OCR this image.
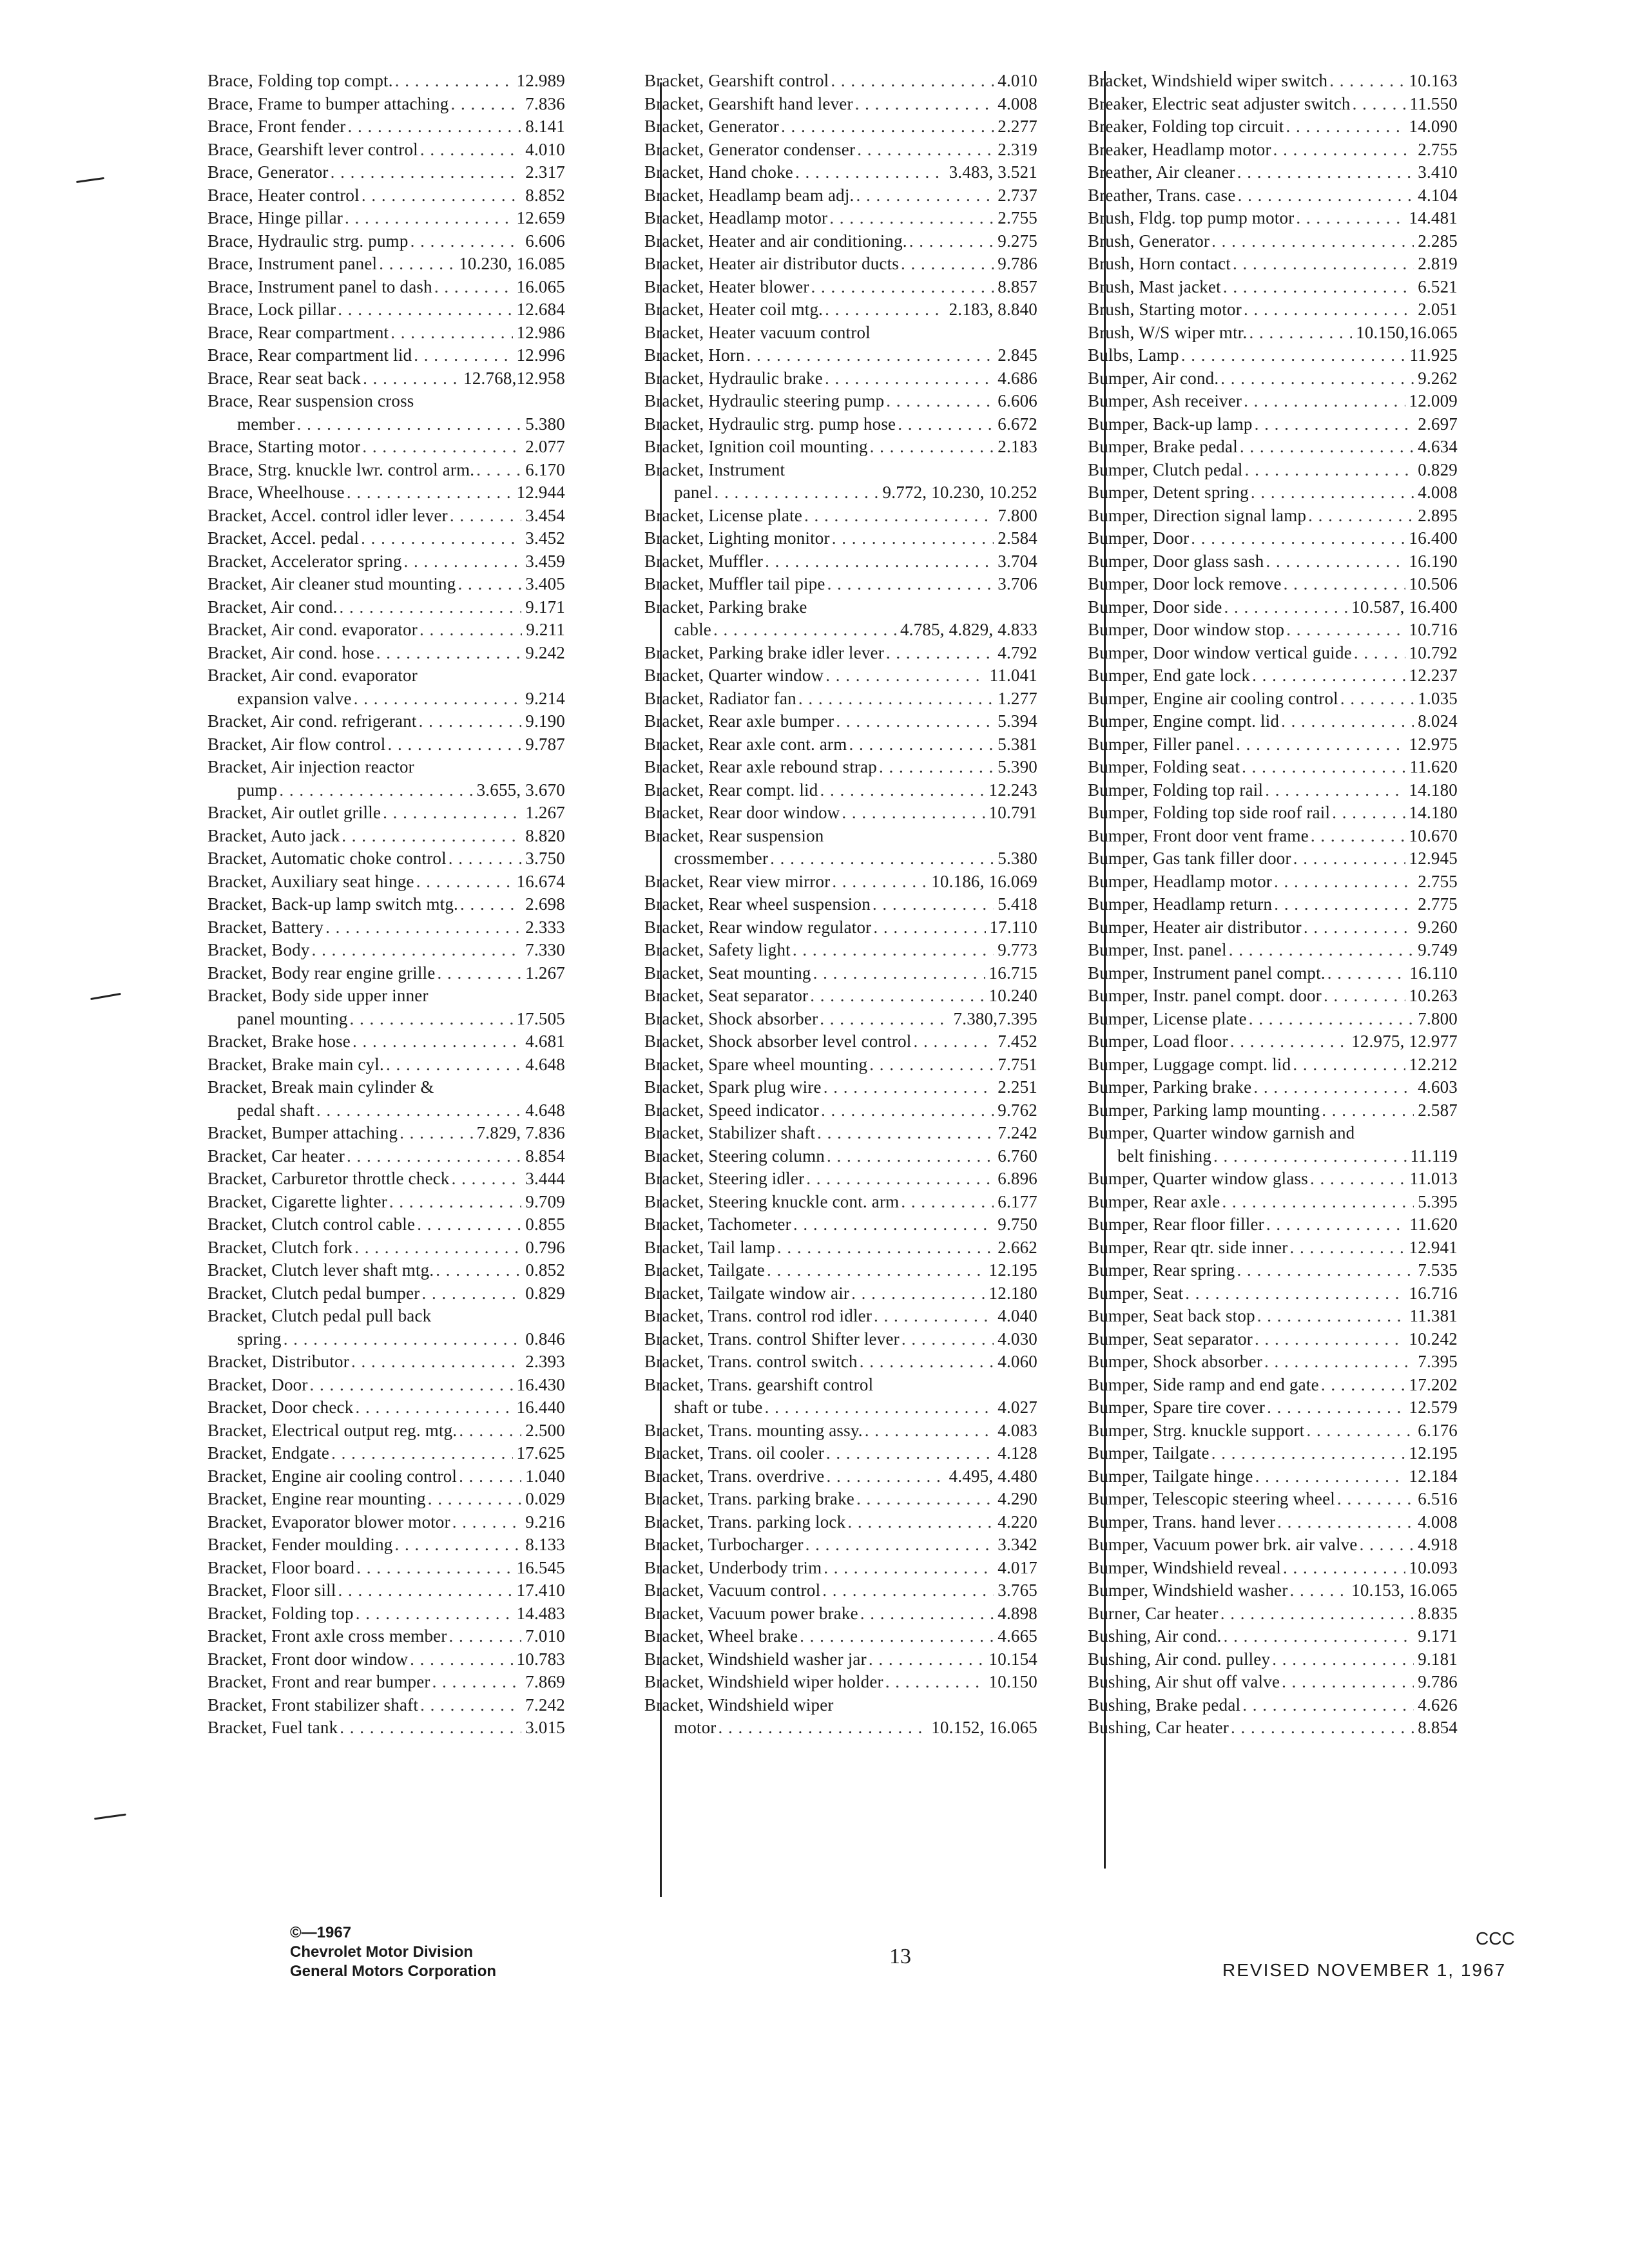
Brace, Folding top compt. . . .	12.989
Brace, Frame to bumper attaching . . .	7.836
Brace, Front fender . . .	8.141
Brace, Gearshift lever control . . .	4.010
Brace, Generator . . .	2.317
Brace, Heater control . . .	8.852
Brace, Hinge pillar . . .	12.659
Brace, Hydraulic strg. pump . . .	6.606
Brace, Instrument panel . . .	10.230, 16.085
Brace, Instrument panel to dash . . .	16.065
Brace, Lock pillar . . .	12.684
Brace, Rear compartment . . .	12.986
Brace, Rear compartment lid . . .	12.996
Brace, Rear seat back . . .	12.768,12.958
Brace, Rear suspension cross
member . . .	5.380
Brace, Starting motor . . .	2.077
Brace, Strg. knuckle lwr. control arm. . . .	6.170
Brace, Wheelhouse . . .	12.944
Bracket, Accel. control idler lever . . .	3.454
Bracket, Accel. pedal . . .	3.452
Bracket, Accelerator spring . . .	3.459
Bracket, Air cleaner stud mounting . . .	3.405
Bracket, Air cond. . . .	9.171
Bracket, Air cond. evaporator . . .	9.211
Bracket, Air cond. hose . . .	9.242
Bracket, Air cond. evaporator
expansion valve . . .	9.214
Bracket, Air cond. refrigerant . . .	9.190
Bracket, Air flow control . . .	9.787
Bracket, Air injection reactor
pump . . .	3.655, 3.670
Bracket, Air outlet grille . . .	1.267
Bracket, Auto jack . . .	8.820
Bracket, Automatic choke control . . .	3.750
Bracket, Auxiliary seat hinge . . .	16.674
Bracket, Back-up lamp switch mtg. . . .	2.698
Bracket, Battery . . .	2.333
Bracket, Body . . .	7.330
Bracket, Body rear engine grille . . .	1.267
Bracket, Body side upper inner
panel mounting . . .	17.505
Bracket, Brake hose . . .	4.681
Bracket, Brake main cyl. . . .	4.648
Bracket, Break main cylinder &
pedal shaft . . .	4.648
Bracket, Bumper attaching . . .	7.829, 7.836
Bracket, Car heater . . .	8.854
Bracket, Carburetor throttle check . . .	3.444
Bracket, Cigarette lighter . . .	9.709
Bracket, Clutch control cable . . .	0.855
Bracket, Clutch fork . . .	0.796
Bracket, Clutch lever shaft mtg. . . .	0.852
Bracket, Clutch pedal bumper . . .	0.829
Bracket, Clutch pedal pull back
spring . . .	0.846
Bracket, Distributor . . .	2.393
Bracket, Door . . .	16.430
Bracket, Door check . . .	16.440
Bracket, Electrical output reg. mtg. . . .	2.500
Bracket, Endgate . . .	17.625
Bracket, Engine air cooling control . . .	1.040
Bracket, Engine rear mounting . . .	0.029
Bracket, Evaporator blower motor . . .	9.216
Bracket, Fender moulding . . .	8.133
Bracket, Floor board . . .	16.545
Bracket, Floor sill . . .	17.410
Bracket, Folding top . . .	14.483
Bracket, Front axle cross member . . .	7.010
Bracket, Front door window . . .	10.783
Bracket, Front and rear bumper . . .	7.869
Bracket, Front stabilizer shaft . . .	7.242
Bracket, Fuel tank . . .	3.015
Bracket, Gearshift control . . .	4.010
Bracket, Gearshift hand lever . . .	4.008
Bracket, Generator . . .	2.277
Bracket, Generator condenser . . .	2.319
Bracket, Hand choke . . .	3.483, 3.521
Bracket, Headlamp beam adj. . . .	2.737
Bracket, Headlamp motor . . .	2.755
Bracket, Heater and air conditioning. . . .	9.275
Bracket, Heater air distributor ducts . . .	9.786
Bracket, Heater blower . . .	8.857
Bracket, Heater coil mtg. . . .	2.183, 8.840
Bracket, Heater vacuum control
Bracket, Horn . . .	2.845
Bracket, Hydraulic brake . . .	4.686
Bracket, Hydraulic steering pump . . .	6.606
Bracket, Hydraulic strg. pump hose . . .	6.672
Bracket, Ignition coil mounting . . .	2.183
Bracket, Instrument
panel . . .	9.772, 10.230, 10.252
Bracket, License plate . . .	7.800
Bracket, Lighting monitor . . .	2.584
Bracket, Muffler . . .	3.704
Bracket, Muffler tail pipe . . .	3.706
Bracket, Parking brake
cable . . .	4.785, 4.829, 4.833
Bracket, Parking brake idler lever . . .	4.792
Bracket, Quarter window . . .	11.041
Bracket, Radiator fan . . .	1.277
Bracket, Rear axle bumper . . .	5.394
Bracket, Rear axle cont. arm . . .	5.381
Bracket, Rear axle rebound strap . . .	5.390
Bracket, Rear compt. lid . . .	12.243
Bracket, Rear door window . . .	10.791
Bracket, Rear suspension
crossmember . . .	5.380
Bracket, Rear view mirror . . .	10.186, 16.069
Bracket, Rear wheel suspension . . .	5.418
Bracket, Rear window regulator . . .	17.110
Bracket, Safety light . . .	9.773
Bracket, Seat mounting . . .	16.715
Bracket, Seat separator . . .	10.240
Bracket, Shock absorber . . .	7.380,7.395
Bracket, Shock absorber level control . . .	7.452
Bracket, Spare wheel mounting . . .	7.751
Bracket, Spark plug wire . . .	2.251
Bracket, Speed indicator . . .	9.762
Bracket, Stabilizer shaft . . .	7.242
Bracket, Steering column . . .	6.760
Bracket, Steering idler . . .	6.896
Bracket, Steering knuckle cont. arm . . .	6.177
Bracket, Tachometer . . .	9.750
Bracket, Tail lamp . . .	2.662
Bracket, Tailgate . . .	12.195
Bracket, Tailgate window air . . .	12.180
Bracket, Trans. control rod idler . . .	4.040
Bracket, Trans. control Shifter lever . . .	4.030
Bracket, Trans. control switch . . .	4.060
Bracket, Trans. gearshift control
shaft or tube . . .	4.027
Bracket, Trans. mounting assy. . . .	4.083
Bracket, Trans. oil cooler . . .	4.128
Bracket, Trans. overdrive . . .	4.495, 4.480
Bracket, Trans. parking brake . . .	4.290
Bracket, Trans. parking lock . . .	4.220
Bracket, Turbocharger . . .	3.342
Bracket, Underbody trim . . .	4.017
Bracket, Vacuum control . . .	3.765
Bracket, Vacuum power brake . . .	4.898
Bracket, Wheel brake . . .	4.665
Bracket, Windshield washer jar . . .	10.154
Bracket, Windshield wiper holder . . .	10.150
Bracket, Windshield wiper
motor . . .	10.152, 16.065
Bracket, Windshield wiper switch . . .	10.163
Breaker, Electric seat adjuster switch . . .	11.550
Breaker, Folding top circuit . . .	14.090
Breaker, Headlamp motor . . .	2.755
Breather, Air cleaner . . .	3.410
Breather, Trans. case . . .	4.104
Brush, Fldg. top pump motor . . .	14.481
Brush, Generator . . .	2.285
Brush, Horn contact . . .	2.819
Brush, Mast jacket . . .	6.521
Brush, Starting motor . . .	2.051
Brush, W/S wiper mtr. . . .	10.150,16.065
Bulbs, Lamp . . .	11.925
Bumper, Air cond. . . .	9.262
Bumper, Ash receiver . . .	12.009
Bumper, Back-up lamp . . .	2.697
Bumper, Brake pedal . . .	4.634
Bumper, Clutch pedal . . .	0.829
Bumper, Detent spring . . .	4.008
Bumper, Direction signal lamp . . .	2.895
Bumper, Door . . .	16.400
Bumper, Door glass sash . . .	16.190
Bumper, Door lock remove . . .	10.506
Bumper, Door side . . .	10.587, 16.400
Bumper, Door window stop . . .	10.716
Bumper, Door window vertical guide . . .	10.792
Bumper, End gate lock . . .	12.237
Bumper, Engine air cooling control . . .	1.035
Bumper, Engine compt. lid . . .	8.024
Bumper, Filler panel . . .	12.975
Bumper, Folding seat . . .	11.620
Bumper, Folding top rail . . .	14.180
Bumper, Folding top side roof rail . . .	14.180
Bumper, Front door vent frame . . .	10.670
Bumper, Gas tank filler door . . .	12.945
Bumper, Headlamp motor . . .	2.755
Bumper, Headlamp return . . .	2.775
Bumper, Heater air distributor . . .	9.260
Bumper, Inst. panel . . .	9.749
Bumper, Instrument panel compt. . . .	16.110
Bumper, Instr. panel compt. door . . .	10.263
Bumper, License plate . . .	7.800
Bumper, Load floor . . .	12.975, 12.977
Bumper, Luggage compt. lid . . .	12.212
Bumper, Parking brake . . .	4.603
Bumper, Parking lamp mounting . . .	2.587
Bumper, Quarter window garnish and
belt finishing . . .	11.119
Bumper, Quarter window glass . . .	11.013
Bumper, Rear axle . . .	5.395
Bumper, Rear floor filler . . .	11.620
Bumper, Rear qtr. side inner . . .	12.941
Bumper, Rear spring . . .	7.535
Bumper, Seat . . .	16.716
Bumper, Seat back stop . . .	11.381
Bumper, Seat separator . . .	10.242
Bumper, Shock absorber . . .	7.395
Bumper, Side ramp and end gate . . .	17.202
Bumper, Spare tire cover . . .	12.579
Bumper, Strg. knuckle support . . .	6.176
Bumper, Tailgate . . .	12.195
Bumper, Tailgate hinge . . .	12.184
Bumper, Telescopic steering wheel . . .	6.516
Bumper, Trans. hand lever . . .	4.008
Bumper, Vacuum power brk. air valve . . .	4.918
Bumper, Windshield reveal . . .	10.093
Bumper, Windshield washer . . .	10.153, 16.065
Burner, Car heater . . .	8.835
Bushing, Air cond. . . .	9.171
Bushing, Air cond. pulley . . .	9.181
Bushing, Air shut off valve . . .	9.786
Bushing, Brake pedal . . .	4.626
Bushing, Car heater . . .	8.854
©—1967
Chevrolet Motor Division
General Motors Corporation
13
CCC
REVISED NOVEMBER 1, 1967
